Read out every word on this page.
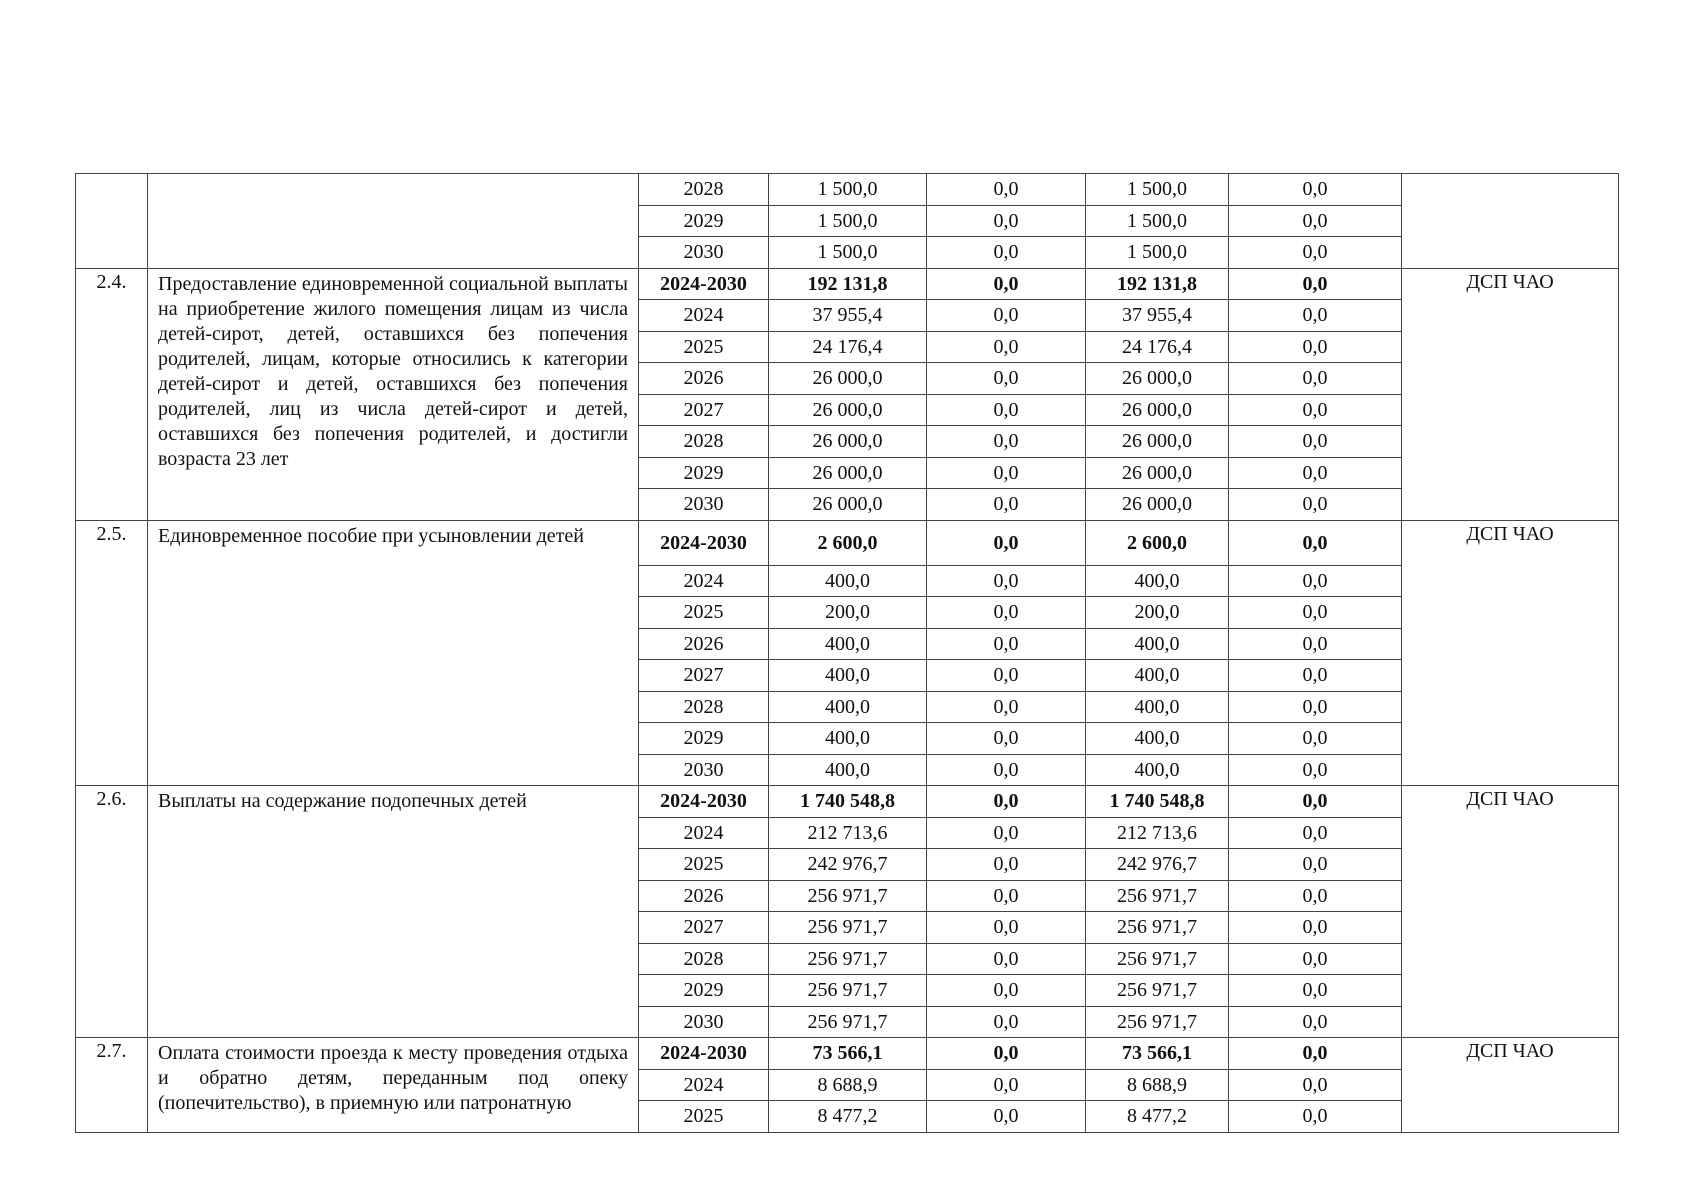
		2028	1 500,0	0,0	1 500,0	0,0	
		2029	1 500,0	0,0	1 500,0	0,0	
		2030	1 500,0	0,0	1 500,0	0,0	
2.4.	Предоставление единовременной социальной выплаты на приобретение жилого помещения лицам из числа детей-сирот, детей, оставшихся без попечения родителей, лицам, которые относились к категории детей-сирот и детей, оставшихся без попечения родителей, лиц из числа детей-сирот и детей, оставшихся без попечения родителей, и достигли возраста 23 лет	2024-2030	192 131,8	0,0	192 131,8	0,0	ДСП ЧАО
		2024	37 955,4	0,0	37 955,4	0,0	
		2025	24 176,4	0,0	24 176,4	0,0	
		2026	26 000,0	0,0	26 000,0	0,0	
		2027	26 000,0	0,0	26 000,0	0,0	
		2028	26 000,0	0,0	26 000,0	0,0	
		2029	26 000,0	0,0	26 000,0	0,0	
		2030	26 000,0	0,0	26 000,0	0,0	
2.5.	Единовременное пособие при усыновлении детей	2024-2030	2 600,0	0,0	2 600,0	0,0	ДСП ЧАО
		2024	400,0	0,0	400,0	0,0	
		2025	200,0	0,0	200,0	0,0	
		2026	400,0	0,0	400,0	0,0	
		2027	400,0	0,0	400,0	0,0	
		2028	400,0	0,0	400,0	0,0	
		2029	400,0	0,0	400,0	0,0	
		2030	400,0	0,0	400,0	0,0	
2.6.	Выплаты на содержание подопечных детей	2024-2030	1 740 548,8	0,0	1 740 548,8	0,0	ДСП ЧАО
		2024	212 713,6	0,0	212 713,6	0,0	
		2025	242 976,7	0,0	242 976,7	0,0	
		2026	256 971,7	0,0	256 971,7	0,0	
		2027	256 971,7	0,0	256 971,7	0,0	
		2028	256 971,7	0,0	256 971,7	0,0	
		2029	256 971,7	0,0	256 971,7	0,0	
		2030	256 971,7	0,0	256 971,7	0,0	
2.7.	Оплата стоимости проезда к месту проведения отдыха и обратно детям, переданным под опеку (попечительство), в приемную или патронатную	2024-2030	73 566,1	0,0	73 566,1	0,0	ДСП ЧАО
		2024	8 688,9	0,0	8 688,9	0,0	
		2025	8 477,2	0,0	8 477,2	0,0	
